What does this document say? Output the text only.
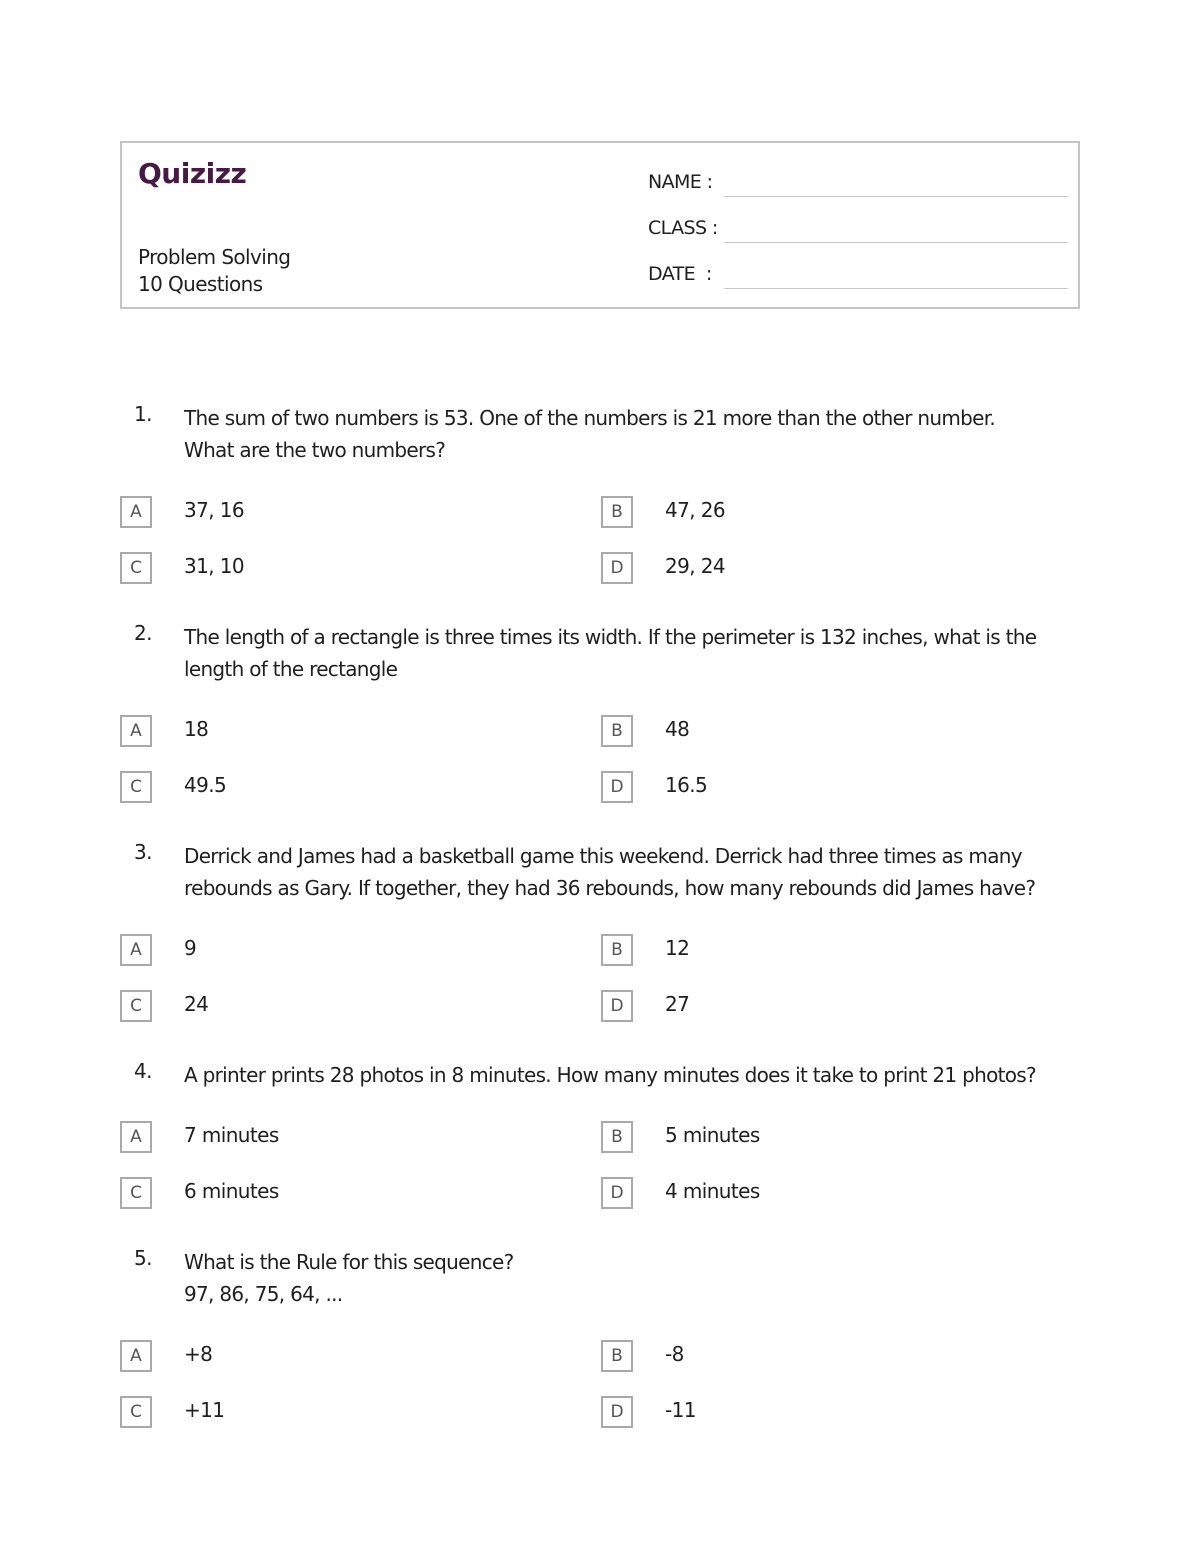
Quizizz
Problem Solving
10 Questions
NAME :
CLASS :
DATE  :
1. The sum of two numbers is 53. One of the numbers is 21 more than the other number.
What are the two numbers?
A	37, 16	B	47, 26
C	31, 10	D	29, 24
2. The length of a rectangle is three times its width. If the perimeter is 132 inches, what is the
length of the rectangle
A	18	B	48
C	49.5	D	16.5
3. Derrick and James had a basketball game this weekend. Derrick had three times as many
rebounds as Gary. If together, they had 36 rebounds, how many rebounds did James have?
A	9	B	12
C	24	D	27
4. A printer prints 28 photos in 8 minutes. How many minutes does it take to print 21 photos?
A	7 minutes	B	5 minutes
C	6 minutes	D	4 minutes
5. What is the Rule for this sequence?
97, 86, 75, 64, ...
A	+8	B	-8
C	+11	D	-11
